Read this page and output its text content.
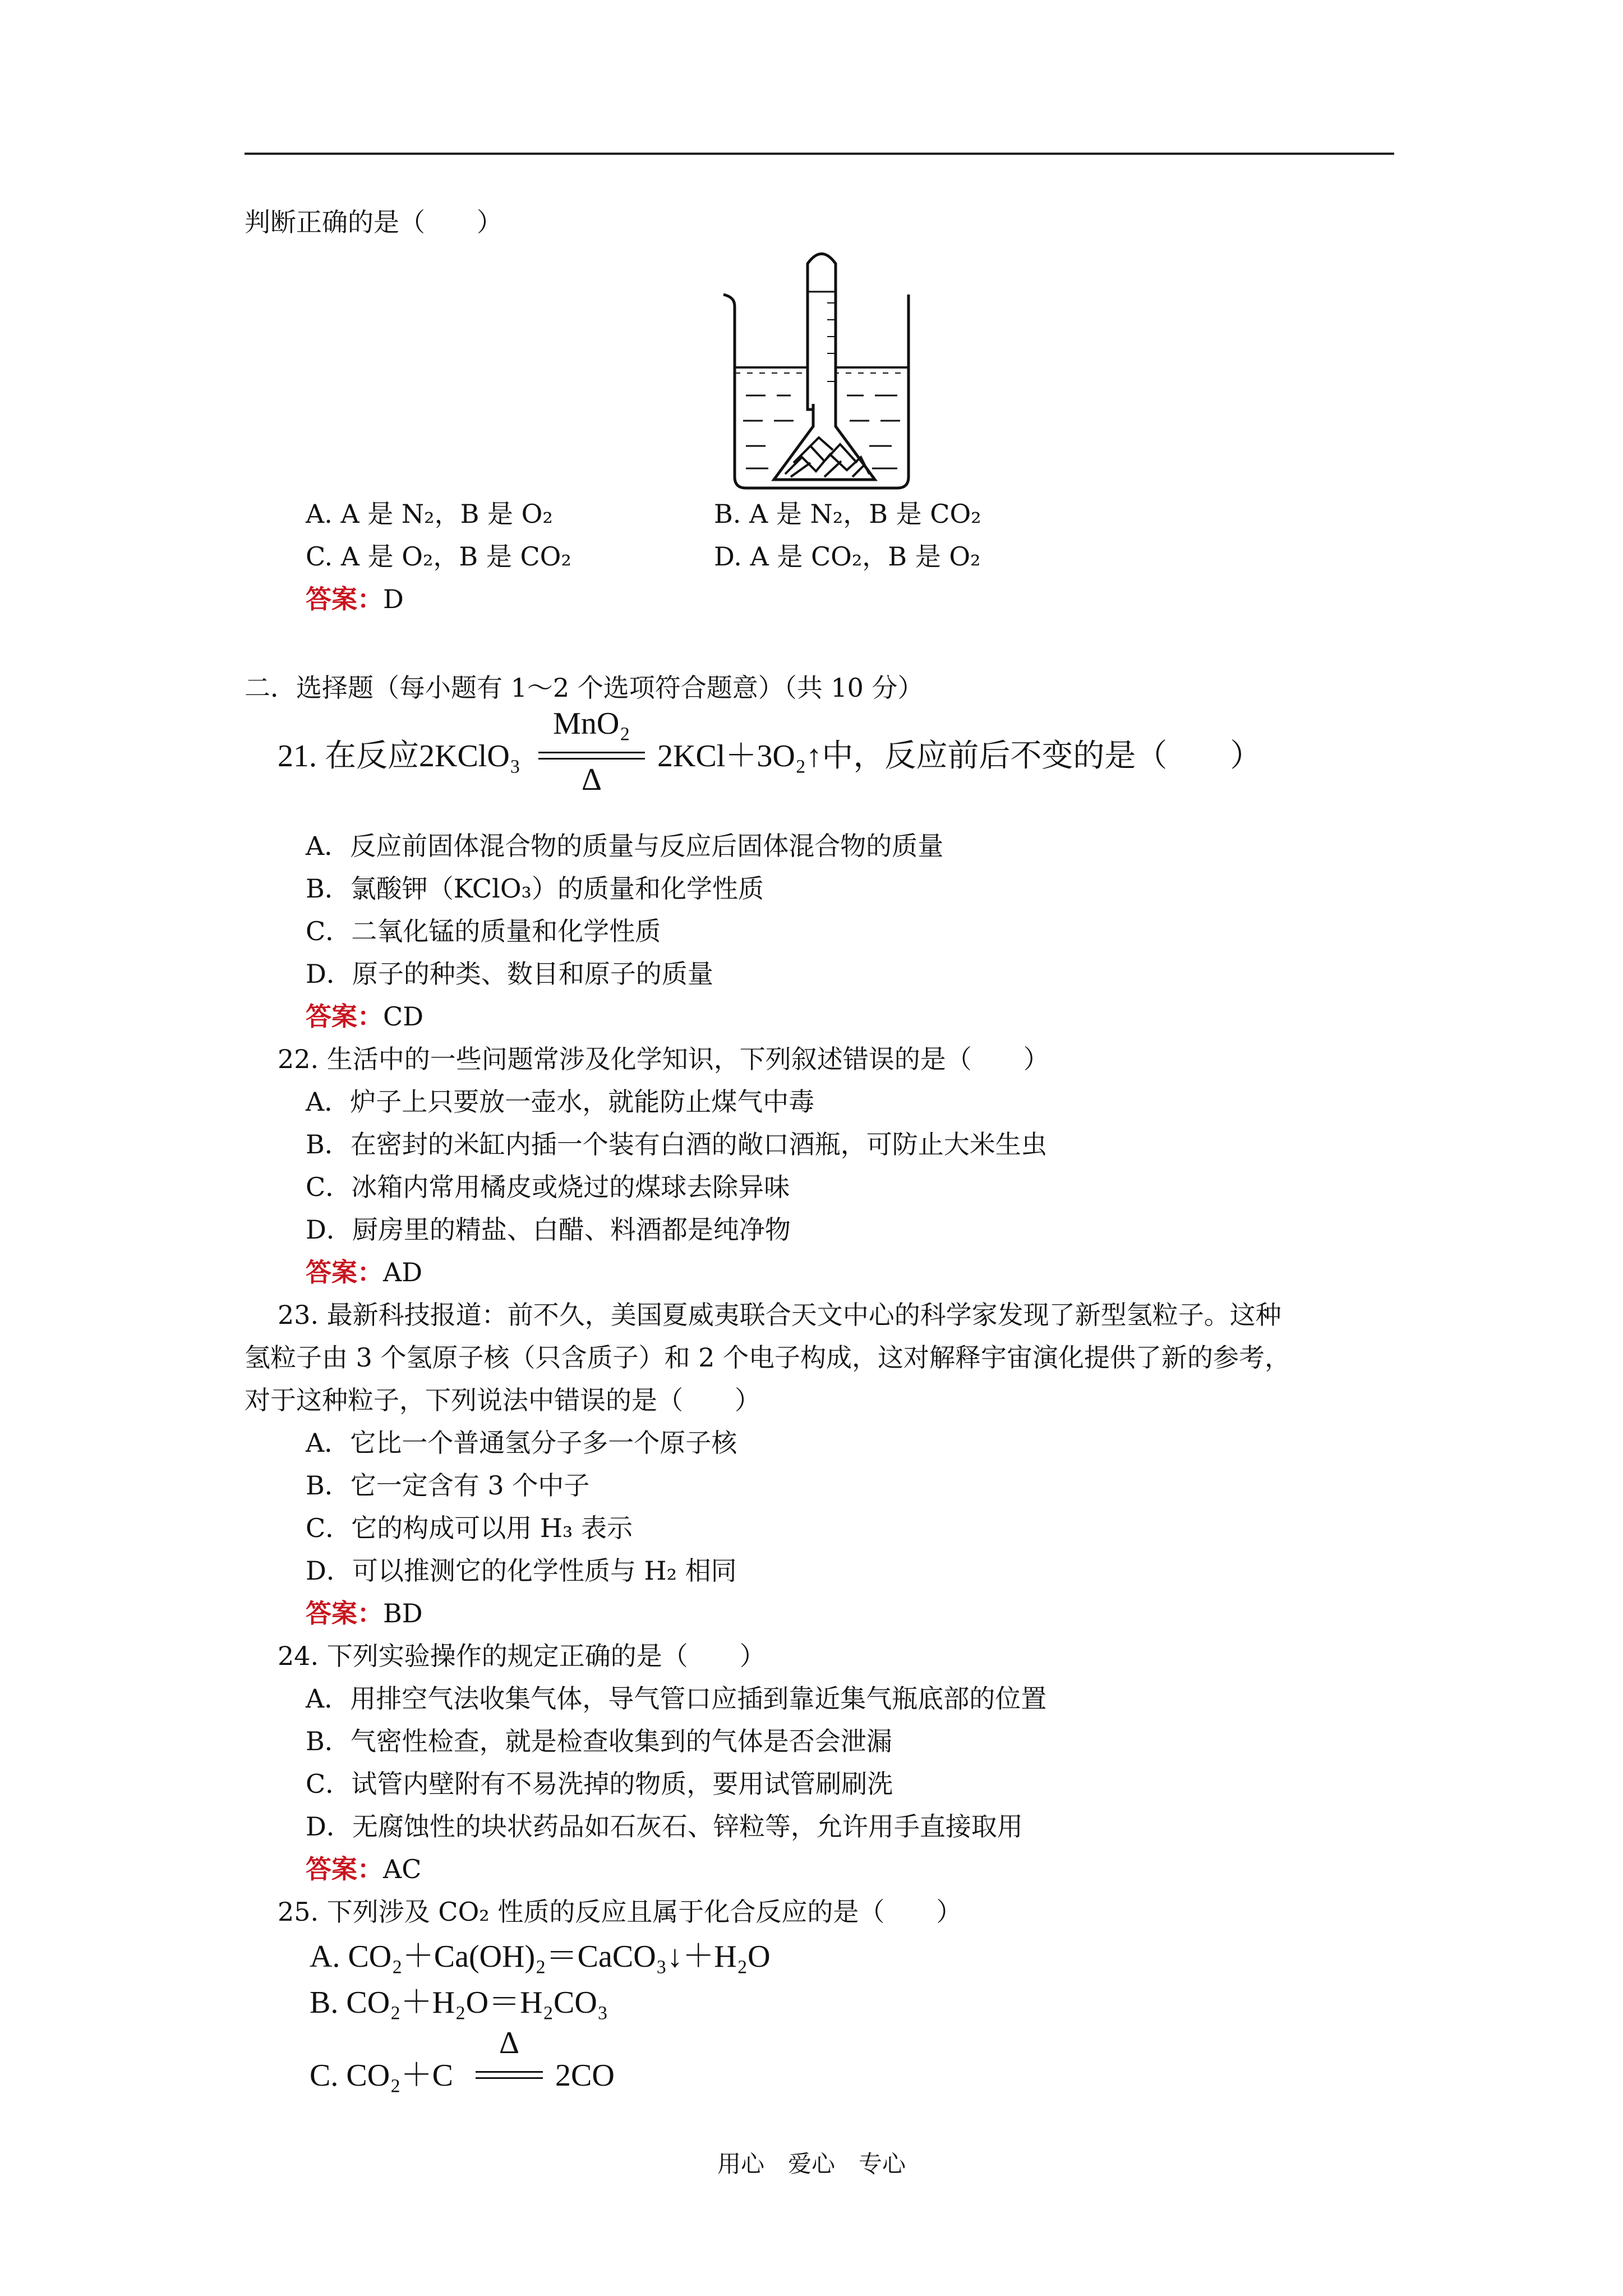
判断正确的是（　　）
A. A 是 N₂，B 是 O₂	B. A 是 N₂，B 是 CO₂
C. A 是 O₂，B 是 CO₂	D. A 是 CO₂，B 是 O₂
答案：D
二．选择题（每小题有 1～2 个选项符合题意）（共 10 分）
21. 在反应2KClO₃
MnO₂
Δ
2KCl＋3O₂↑中，反应前后不变的是（　　）
A．反应前固体混合物的质量与反应后固体混合物的质量
B．氯酸钾（KClO₃）的质量和化学性质
C．二氧化锰的质量和化学性质
D．原子的种类、数目和原子的质量
答案：CD
22. 生活中的一些问题常涉及化学知识，下列叙述错误的是（　　）
A．炉子上只要放一壶水，就能防止煤气中毒
B．在密封的米缸内插一个装有白酒的敞口酒瓶，可防止大米生虫
C．冰箱内常用橘皮或烧过的煤球去除异味
D．厨房里的精盐、白醋、料酒都是纯净物
答案：AD
23. 最新科技报道：前不久，美国夏威夷联合天文中心的科学家发现了新型氢粒子。这种
氢粒子由 3 个氢原子核（只含质子）和 2 个电子构成，这对解释宇宙演化提供了新的参考，
对于这种粒子，下列说法中错误的是（　　）
A．它比一个普通氢分子多一个原子核
B．它一定含有 3 个中子
C．它的构成可以用 H₃ 表示
D．可以推测它的化学性质与 H₂ 相同
答案：BD
24. 下列实验操作的规定正确的是（　　）
A．用排空气法收集气体，导气管口应插到靠近集气瓶底部的位置
B．气密性检查，就是检查收集到的气体是否会泄漏
C．试管内壁附有不易洗掉的物质，要用试管刷刷洗
D．无腐蚀性的块状药品如石灰石、锌粒等，允许用手直接取用
答案：AC
25. 下列涉及 CO₂ 性质的反应且属于化合反应的是（　　）
A. CO₂＋Ca(OH)₂＝CaCO₃↓＋H₂O
B. CO₂＋H₂O＝H₂CO₃
C. CO₂＋C
Δ
2CO
用心　爱心　专心
